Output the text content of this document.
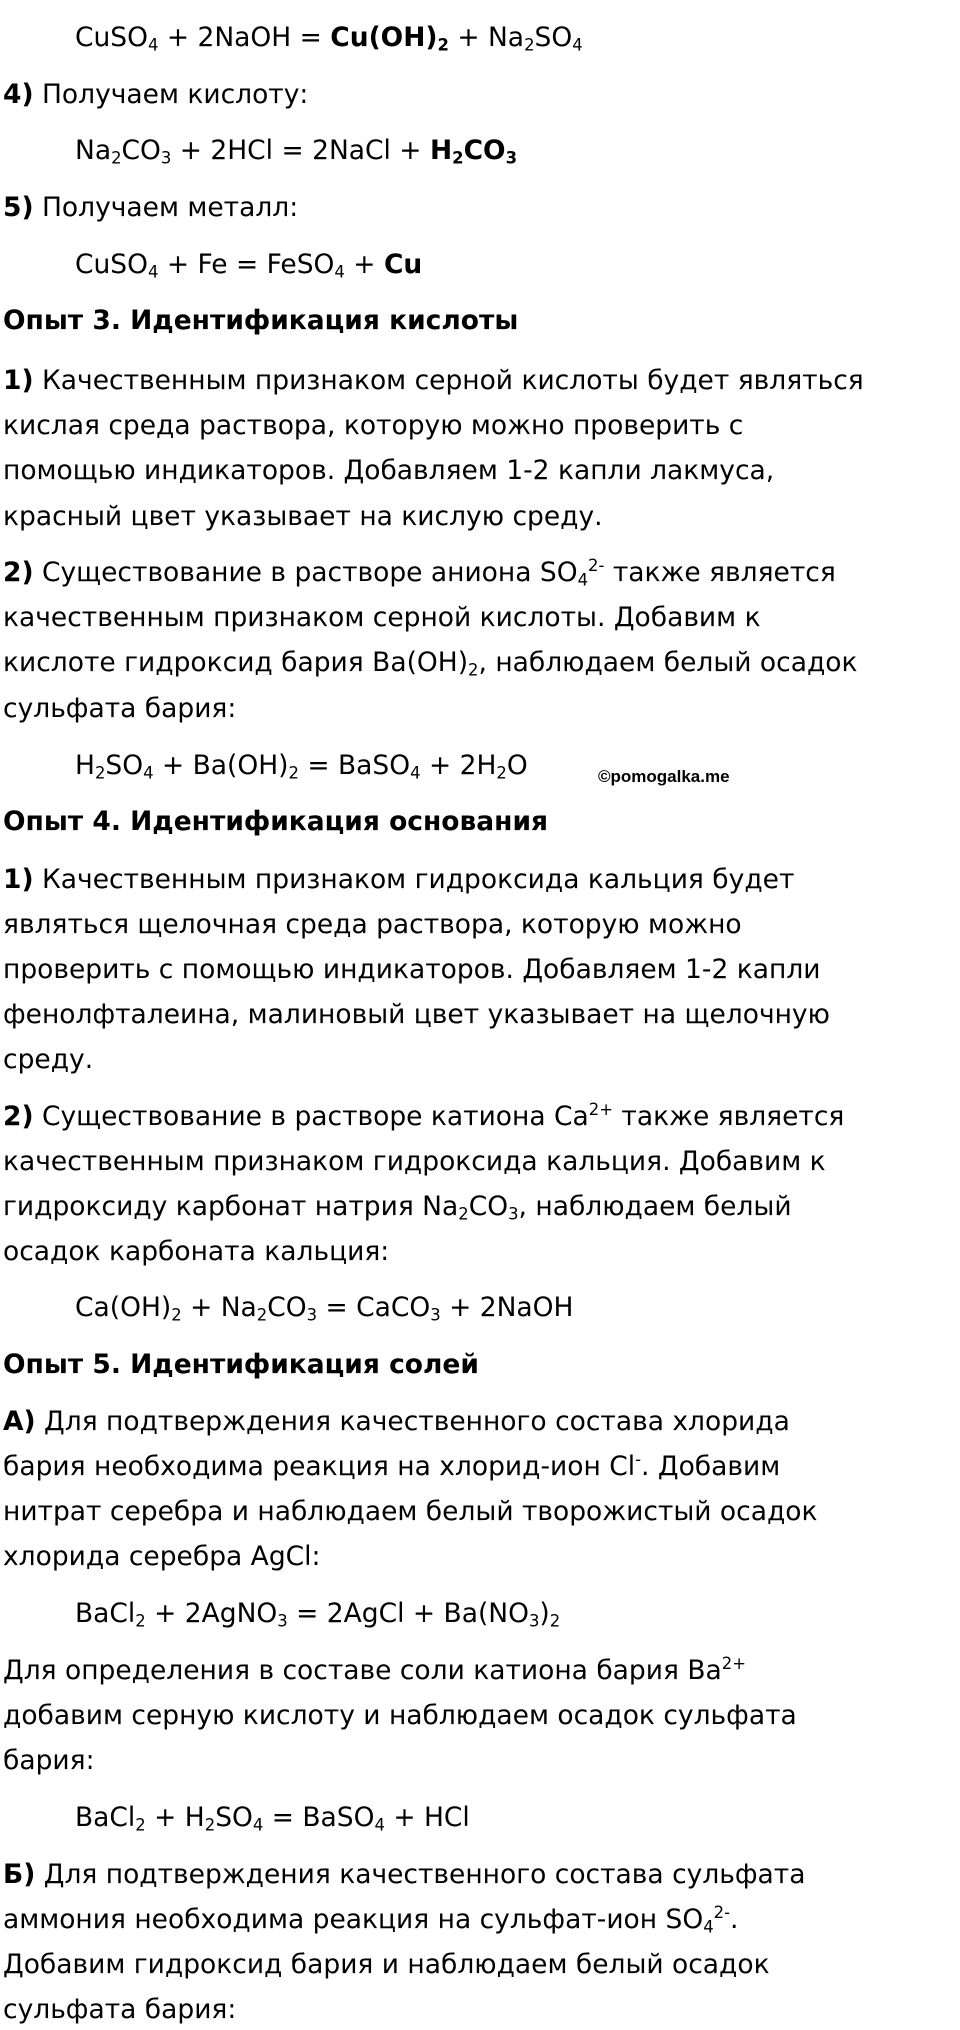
CuSO$_4$ + 2NaOH = $Cu(OH)_2 + Na_2SO_4$

4) Получаем кислоту:

$Na_2CO_3 + 2HCl$ = 2NaCl + $H_2CO_3$

5) Получаем металл:

CuSO$_4$ + Fe = FeSO$_4$ + Cu

Опыт 3. Идентификация кислоты

1) Качественным признаком серной кислоты будет являться

кислая среда раствора, которую можно проверить с

помощью индикаторов. Добавляем 1-2 капли лакмуса,

красный цвет указывает на кислую среду.

2) Существование в растворе аниона $SO_4^{2-}$ также является

качественным признаком серной кислоты. Добавим к

кислоте гидроксид бария $Ba(OH)_2$, наблюдаем белый осадок

сульфата бария:

$H_2SO_4 + Ba(OH)_2$ = BaSO$_4$ + $2H_2O$	©pomogalka.me

Опыт 4. Идентификация основания

1) Качественным признаком гидроксида кальция будет

являться щелочная среда раствора, которую можно

проверить с помощью индикаторов. Добавляем 1-2 капли

фенолфталеина, малиновый цвет указывает на щелочную

среду.

2) Существование в растворе катиона $Ca^{2+}$ также является

качественным признаком гидроксида кальция. Добавим к

гидроксиду карбонат натрия $Na_2CO_3$, наблюдаем белый

осадок карбоната кальция:

$Ca(OH)_2 + Na_2CO_3$ = CaCO$_3$ + 2NaOH

Опыт 5. Идентификация солей

А) Для подтверждения качественного состава хлорида

бария необходима реакция на хлорид-ион Cl-. Добавим

нитрат серебра и наблюдаем белый творожистый осадок

хлорида серебра AgCl:

BaCl$_2$ + 2AgNO$_3$ = 2AgCl + $Ba(NO_3)_2$

Для определения в составе соли катиона бария $Ba^{2+}$

добавим серную кислоту и наблюдаем осадок сульфата

бария:

BaCl$_2$ + $H_2SO_4$ = BaSO$_4$ + HCl

Б) Для подтверждения качественного состава сульфата

аммония необходима реакция на сульфат-ион $SO_4^{2-}$.

Добавим гидроксид бария и наблюдаем белый осадок

сульфата бария:
